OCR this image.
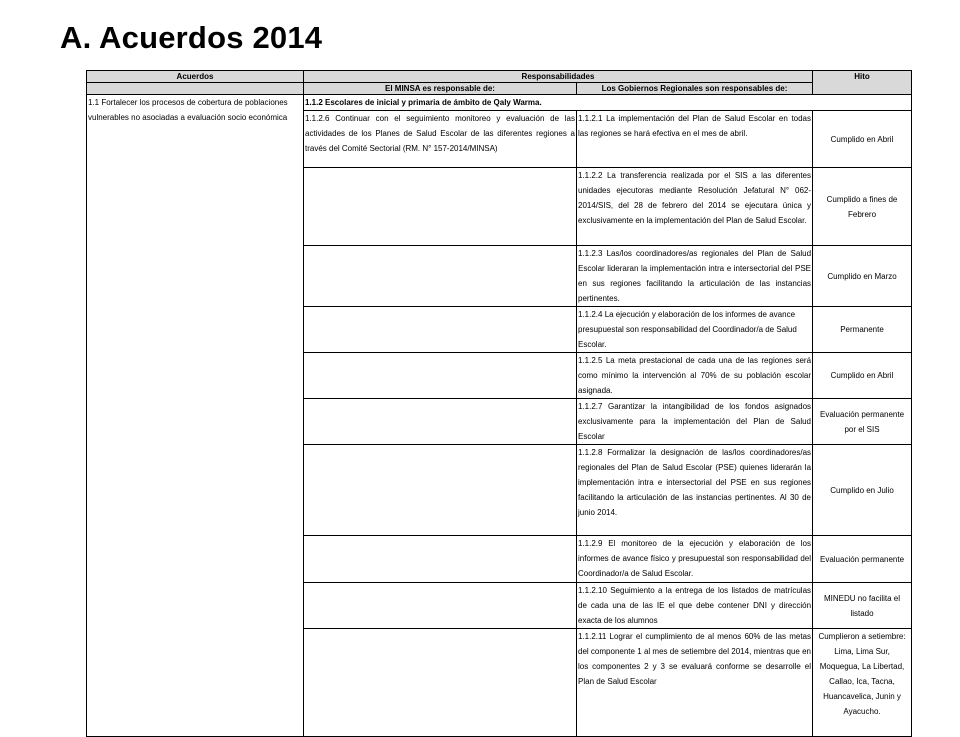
A. Acuerdos 2014
Acuerdos	Responsabilidades		Hito
	El MINSA es responsable de:	Los Gobiernos Regionales son responsables de:	
1.1 Fortalecer los procesos de cobertura de poblaciones vulnerables no asociadas a evaluación socio económica	1.1.2 Escolares de inicial y primaria de ámbito de Qaly Warma.		
	1.1.2.6 Continuar con el seguimiento monitoreo y evaluación de las actividades de los Planes de Salud Escolar de las diferentes regiones a través del Comité Sectorial (RM. N° 157-2014/MINSA)	1.1.2.1 La implementación del Plan de Salud Escolar en todas las regiones se hará efectiva en el mes de abril.	Cumplido en Abril
		1.1.2.2 La transferencia realizada por el SIS a las diferentes unidades ejecutoras mediante Resolución Jefatural N° 062-2014/SIS, del 28 de febrero del 2014 se ejecutara única y exclusivamente en la implementación del Plan de Salud Escolar.	Cumplido a fines de Febrero
		1.1.2.3 Las/los coordinadores/as regionales del Plan de Salud Escolar lideraran la implementación intra e intersectorial del PSE en sus regiones facilitando la articulación de las instancias pertinentes.	Cumplido en Marzo
		1.1.2.4 La ejecución y elaboración de los informes de avance presupuestal son responsabilidad del Coordinador/a de Salud Escolar.	Permanente
		1.1.2.5 La meta prestacional de cada una de las regiones será como mínimo la intervención al 70% de su población escolar asignada.	Cumplido en Abril
		1.1.2.7 Garantizar la intangibilidad de los fondos asignados exclusivamente para la implementación del Plan de Salud Escolar	Evaluación permanente por el SIS
		1.1.2.8 Formalizar la designación de las/los coordinadores/as regionales del Plan de Salud Escolar (PSE) quienes liderarán la implementación intra e intersectorial del PSE en sus regiones facilitando la articulación de las instancias pertinentes. Al 30 de junio 2014.	Cumplido en Julio
		1.1.2.9 El monitoreo de la ejecución y elaboración de los informes de avance físico y presupuestal son responsabilidad del Coordinador/a de Salud Escolar.	Evaluación permanente
		1.1.2.10 Seguimiento a la entrega de los listados de matrículas de cada una de las IE el que debe contener DNI y dirección exacta de los alumnos	MINEDU no facilita el listado
		1.1.2.11 Lograr el cumplimiento de al menos 60% de las metas del componente 1 al mes de setiembre del 2014, mientras que en los componentes 2 y 3 se evaluará conforme se desarrolle el Plan de Salud Escolar	Cumplieron a setiembre: Lima, Lima Sur, Moquegua, La Libertad, Callao, Ica, Tacna, Huancavelica, Junin y Ayacucho.
